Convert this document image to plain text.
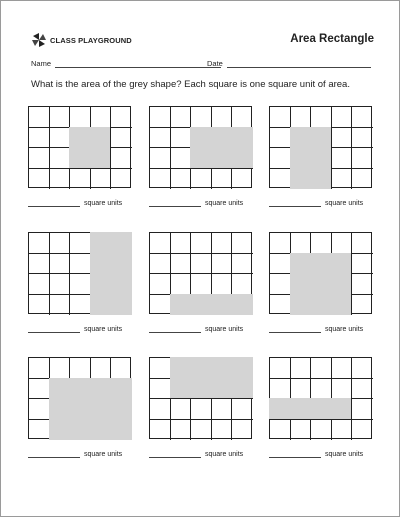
CLASS PLAYGROUND	Area Rectangle
Name	Date
What is the area of the grey shape? Each square is one square unit of area.
square units	square units	square units
square units	square units	square units
square units	square units	square units
